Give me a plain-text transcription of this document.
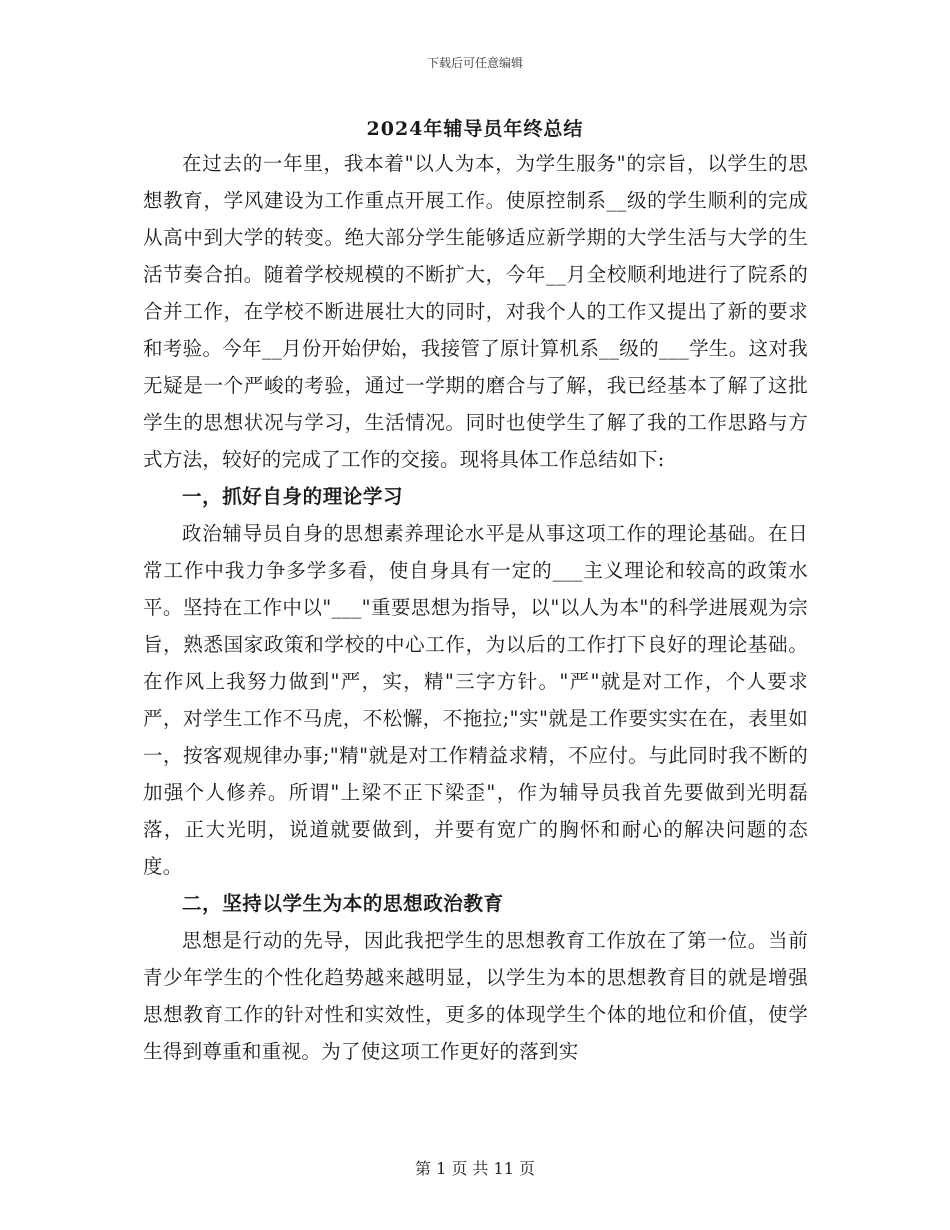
下载后可任意编辑
2024年辅导员年终总结

在过去的一年里，我本着"以人为本，为学生服务"的宗旨，以学生的思想教育，学风建设为工作重点开展工作。使原控制系__级的学生顺利的完成从高中到大学的转变。绝大部分学生能够适应新学期的大学生活与大学的生活节奏合拍。随着学校规模的不断扩大，今年__月全校顺利地进行了院系的合并工作，在学校不断进展壮大的同时，对我个人的工作又提出了新的要求和考验。今年__月份开始伊始，我接管了原计算机系__级的___学生。这对我无疑是一个严峻的考验，通过一学期的磨合与了解，我已经基本了解了这批学生的思想状况与学习，生活情况。同时也使学生了解了我的工作思路与方式方法，较好的完成了工作的交接。现将具体工作总结如下:

一，抓好自身的理论学习

政治辅导员自身的思想素养理论水平是从事这项工作的理论基础。在日常工作中我力争多学多看，使自身具有一定的___主义理论和较高的政策水平。坚持在工作中以"___"重要思想为指导，以"以人为本"的科学进展观为宗旨，熟悉国家政策和学校的中心工作，为以后的工作打下良好的理论基础。在作风上我努力做到"严，实，精"三字方针。"严"就是对工作，个人要求严，对学生工作不马虎，不松懈，不拖拉;"实"就是工作要实实在在，表里如一，按客观规律办事;"精"就是对工作精益求精，不应付。与此同时我不断的加强个人修养。所谓"上梁不正下梁歪"，作为辅导员我首先要做到光明磊落，正大光明，说道就要做到，并要有宽广的胸怀和耐心的解决问题的态度。

二，坚持以学生为本的思想政治教育

思想是行动的先导，因此我把学生的思想教育工作放在了第一位。当前青少年学生的个性化趋势越来越明显，以学生为本的思想教育目的就是增强思想教育工作的针对性和实效性，更多的体现学生个体的地位和价值，使学生得到尊重和重视。为了使这项工作更好的落到实

第 1 页 共 11 页
